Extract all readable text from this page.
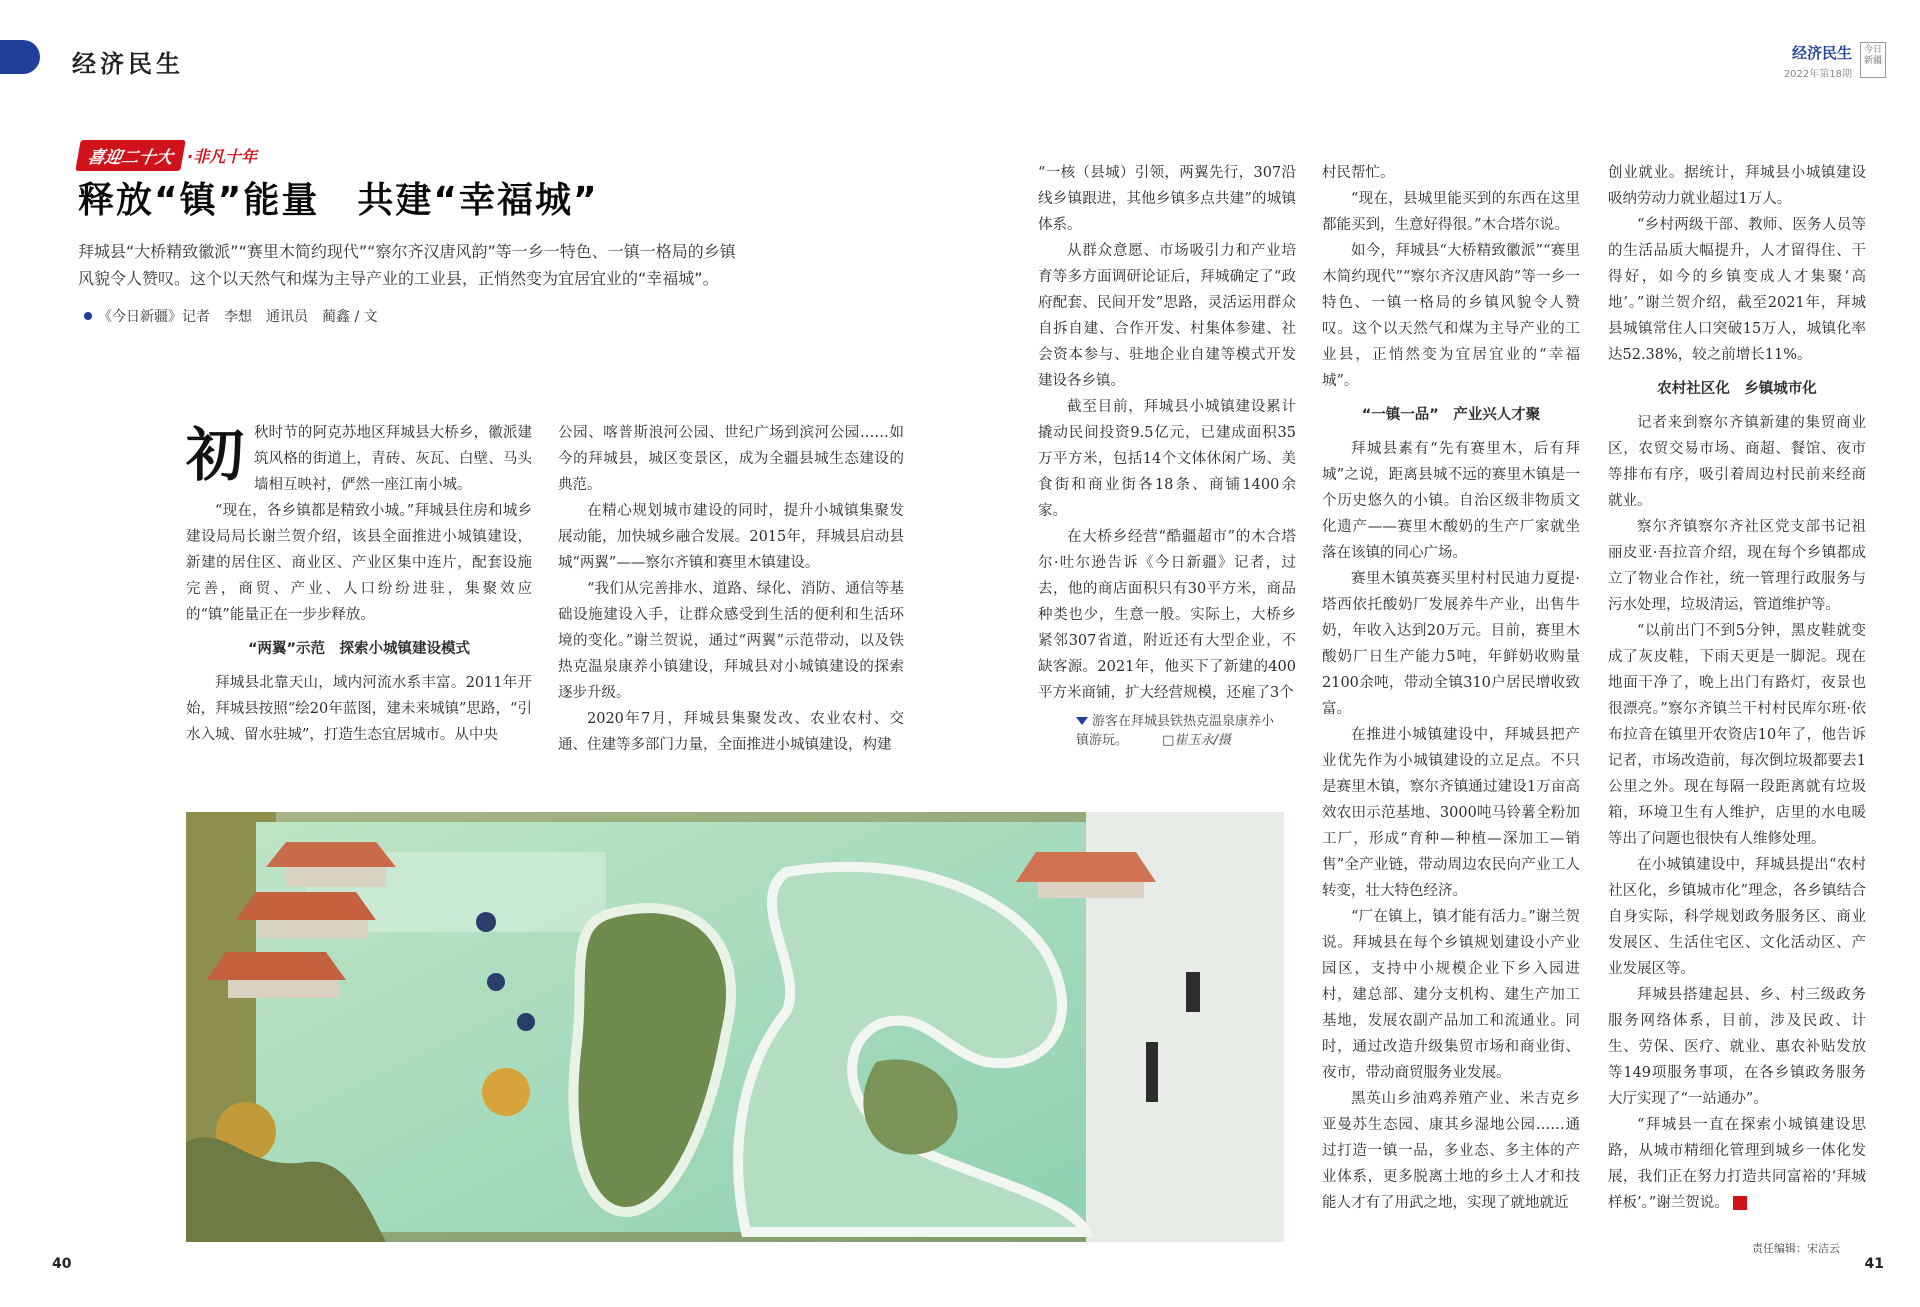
经济民生	经济民生
2022年第18期
今日新疆
喜迎二十大 ·非凡十年
释放“镇”能量　共建“幸福城”

拜城县“大桥精致徽派”“赛里木简约现代”“察尔齐汉唐风韵”等一乡一特色、一镇一格局的乡镇风貌令人赞叹。这个以天然气和煤为主导产业的工业县，正悄然变为宜居宜业的“幸福城”。

《今日新疆》记者　李想　通讯员　蔺鑫 / 文

初秋时节的阿克苏地区拜城县大桥乡，徽派建筑风格的街道上，青砖、灰瓦、白壁、马头墙相互映衬，俨然一座江南小城。

“现在，各乡镇都是精致小城。”拜城县住房和城乡建设局局长谢兰贺介绍，该县全面推进小城镇建设，新建的居住区、商业区、产业区集中连片，配套设施完善，商贸、产业、人口纷纷进驻，集聚效应的“镇”能量正在一步步释放。

“两翼”示范　探索小城镇建设模式

拜城县北靠天山，域内河流水系丰富。2011年开始，拜城县按照“绘20年蓝图，建未来城镇”思路，“引水入城、留水驻城”，打造生态宜居城市。从中央

公园、喀普斯浪河公园、世纪广场到滨河公园……如今的拜城县，城区变景区，成为全疆县城生态建设的典范。

在精心规划城市建设的同时，提升小城镇集聚发展动能，加快城乡融合发展。2015年，拜城县启动县城“两翼”——察尔齐镇和赛里木镇建设。

“我们从完善排水、道路、绿化、消防、通信等基础设施建设入手，让群众感受到生活的便利和生活环境的变化。”谢兰贺说，通过“两翼”示范带动，以及铁热克温泉康养小镇建设，拜城县对小城镇建设的探索逐步升级。

2020年7月，拜城县集聚发改、农业农村、交通、住建等多部门力量，全面推进小城镇建设，构建

“一核（县城）引领，两翼先行，307沿线乡镇跟进，其他乡镇多点共建”的城镇体系。

从群众意愿、市场吸引力和产业培育等多方面调研论证后，拜城确定了“政府配套、民间开发”思路，灵活运用群众自拆自建、合作开发、村集体参建、社会资本参与、驻地企业自建等模式开发建设各乡镇。

截至目前，拜城县小城镇建设累计撬动民间投资9.5亿元，已建成面积35万平方米，包括14个文体休闲广场、美食街和商业街各18条、商铺1400余家。

在大桥乡经营“酷疆超市”的木合塔尔·吐尔逊告诉《今日新疆》记者，过去，他的商店面积只有30平方米，商品种类也少，生意一般。实际上，大桥乡紧邻307省道，附近还有大型企业，不缺客源。2021年，他买下了新建的400平方米商铺，扩大经营规模，还雇了3个

游客在拜城县铁热克温泉康养小镇游玩。	□崔玉永/摄

村民帮忙。

“现在，县城里能买到的东西在这里都能买到，生意好得很。”木合塔尔说。

如今，拜城县“大桥精致徽派”“赛里木简约现代”“察尔齐汉唐风韵”等一乡一特色、一镇一格局的乡镇风貌令人赞叹。这个以天然气和煤为主导产业的工业县，正悄然变为宜居宜业的“幸福城”。

“一镇一品”　产业兴人才聚

拜城县素有“先有赛里木，后有拜城”之说，距离县城不远的赛里木镇是一个历史悠久的小镇。自治区级非物质文化遗产——赛里木酸奶的生产厂家就坐落在该镇的同心广场。

赛里木镇英赛买里村村民迪力夏提·塔西依托酸奶厂发展养牛产业，出售牛奶，年收入达到20万元。目前，赛里木酸奶厂日生产能力5吨，年鲜奶收购量2100余吨，带动全镇310户居民增收致富。

在推进小城镇建设中，拜城县把产业优先作为小城镇建设的立足点。不只是赛里木镇，察尔齐镇通过建设1万亩高效农田示范基地、3000吨马铃薯全粉加工厂，形成“育种—种植—深加工—销售”全产业链，带动周边农民向产业工人转变，壮大特色经济。

“厂在镇上，镇才能有活力。”谢兰贺说。拜城县在每个乡镇规划建设小产业园区，支持中小规模企业下乡入园进村，建总部、建分支机构、建生产加工基地，发展农副产品加工和流通业。同时，通过改造升级集贸市场和商业街、夜市，带动商贸服务业发展。

黑英山乡油鸡养殖产业、米吉克乡亚曼苏生态园、康其乡湿地公园……通过打造一镇一品，多业态、多主体的产业体系，更多脱离土地的乡土人才和技能人才有了用武之地，实现了就地就近

创业就业。据统计，拜城县小城镇建设吸纳劳动力就业超过1万人。

“乡村两级干部、教师、医务人员等的生活品质大幅提升，人才留得住、干得好，如今的乡镇变成人才集聚‘高地’。”谢兰贺介绍，截至2021年，拜城县城镇常住人口突破15万人，城镇化率达52.38%，较之前增长11%。

农村社区化　乡镇城市化

记者来到察尔齐镇新建的集贸商业区，农贸交易市场、商超、餐馆、夜市等排布有序，吸引着周边村民前来经商就业。

察尔齐镇察尔齐社区党支部书记祖丽皮亚·吾拉音介绍，现在每个乡镇都成立了物业合作社，统一管理行政服务与污水处理，垃圾清运，管道维护等。

“以前出门不到5分钟，黑皮鞋就变成了灰皮鞋，下雨天更是一脚泥。现在地面干净了，晚上出门有路灯，夜景也很漂亮。”察尔齐镇兰干村村民库尔班·依布拉音在镇里开农资店10年了，他告诉记者，市场改造前，每次倒垃圾都要去1公里之外。现在每隔一段距离就有垃圾箱，环境卫生有人维护，店里的水电暖等出了问题也很快有人维修处理。

在小城镇建设中，拜城县提出“农村社区化，乡镇城市化”理念，各乡镇结合自身实际，科学规划政务服务区、商业发展区、生活住宅区、文化活动区、产业发展区等。

拜城县搭建起县、乡、村三级政务服务网络体系，目前，涉及民政、计生、劳保、医疗、就业、惠农补贴发放等149项服务事项，在各乡镇政务服务大厅实现了“一站通办”。

“拜城县一直在探索小城镇建设思路，从城市精细化管理到城乡一体化发展，我们正在努力打造共同富裕的‘拜城样板’。”谢兰贺说。	J

40
责任编辑：宋洁云
41
